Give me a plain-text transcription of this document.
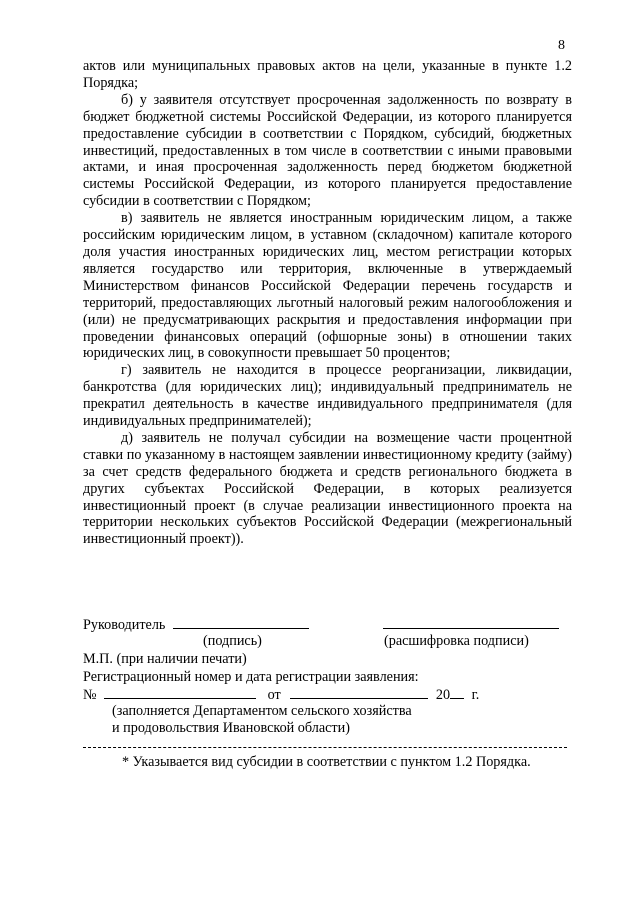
8

актов или муниципальных правовых актов на цели, указанные в пункте 1.2 Порядка;

б) у заявителя отсутствует просроченная задолженность по возврату в бюджет бюджетной системы Российской Федерации, из которого планируется предоставление субсидии в соответствии с Порядком, субсидий, бюджетных инвестиций, предоставленных в том числе в соответствии с иными правовыми актами, и иная просроченная задолженность перед бюджетом бюджетной системы Российской Федерации, из которого планируется предоставление субсидии в соответствии с Порядком;

в) заявитель не является иностранным юридическим лицом, а также российским юридическим лицом, в уставном (складочном) капитале которого доля участия иностранных юридических лиц, местом регистрации которых является государство или территория, включенные в утверждаемый Министерством финансов Российской Федерации перечень государств и территорий, предоставляющих льготный налоговый режим налогообложения и (или) не предусматривающих раскрытия и предоставления информации при проведении финансовых операций (офшорные зоны) в отношении таких юридических лиц, в совокупности превышает 50 процентов;

г) заявитель не находится в процессе реорганизации, ликвидации, банкротства (для юридических лиц); индивидуальный предприниматель не прекратил деятельность в качестве индивидуального предпринимателя (для индивидуальных предпринимателей);

д) заявитель не получал субсидии на возмещение части процентной ставки по указанному в настоящем заявлении инвестиционному кредиту (займу) за счет средств федерального бюджета и средств регионального бюджета в других субъектах Российской Федерации, в которых реализуется инвестиционный проект (в случае реализации инвестиционного проекта на территории нескольких субъектов Российской Федерации (межрегиональный инвестиционный проект)).

Руководитель
(подпись)	(расшифровка подписи)
М.П. (при наличии печати)
Регистрационный номер и дата регистрации заявления:
№	от	20 г.
(заполняется Департаментом сельского хозяйства
и продовольствия Ивановской области)
* Указывается вид субсидии в соответствии с пунктом 1.2 Порядка.
